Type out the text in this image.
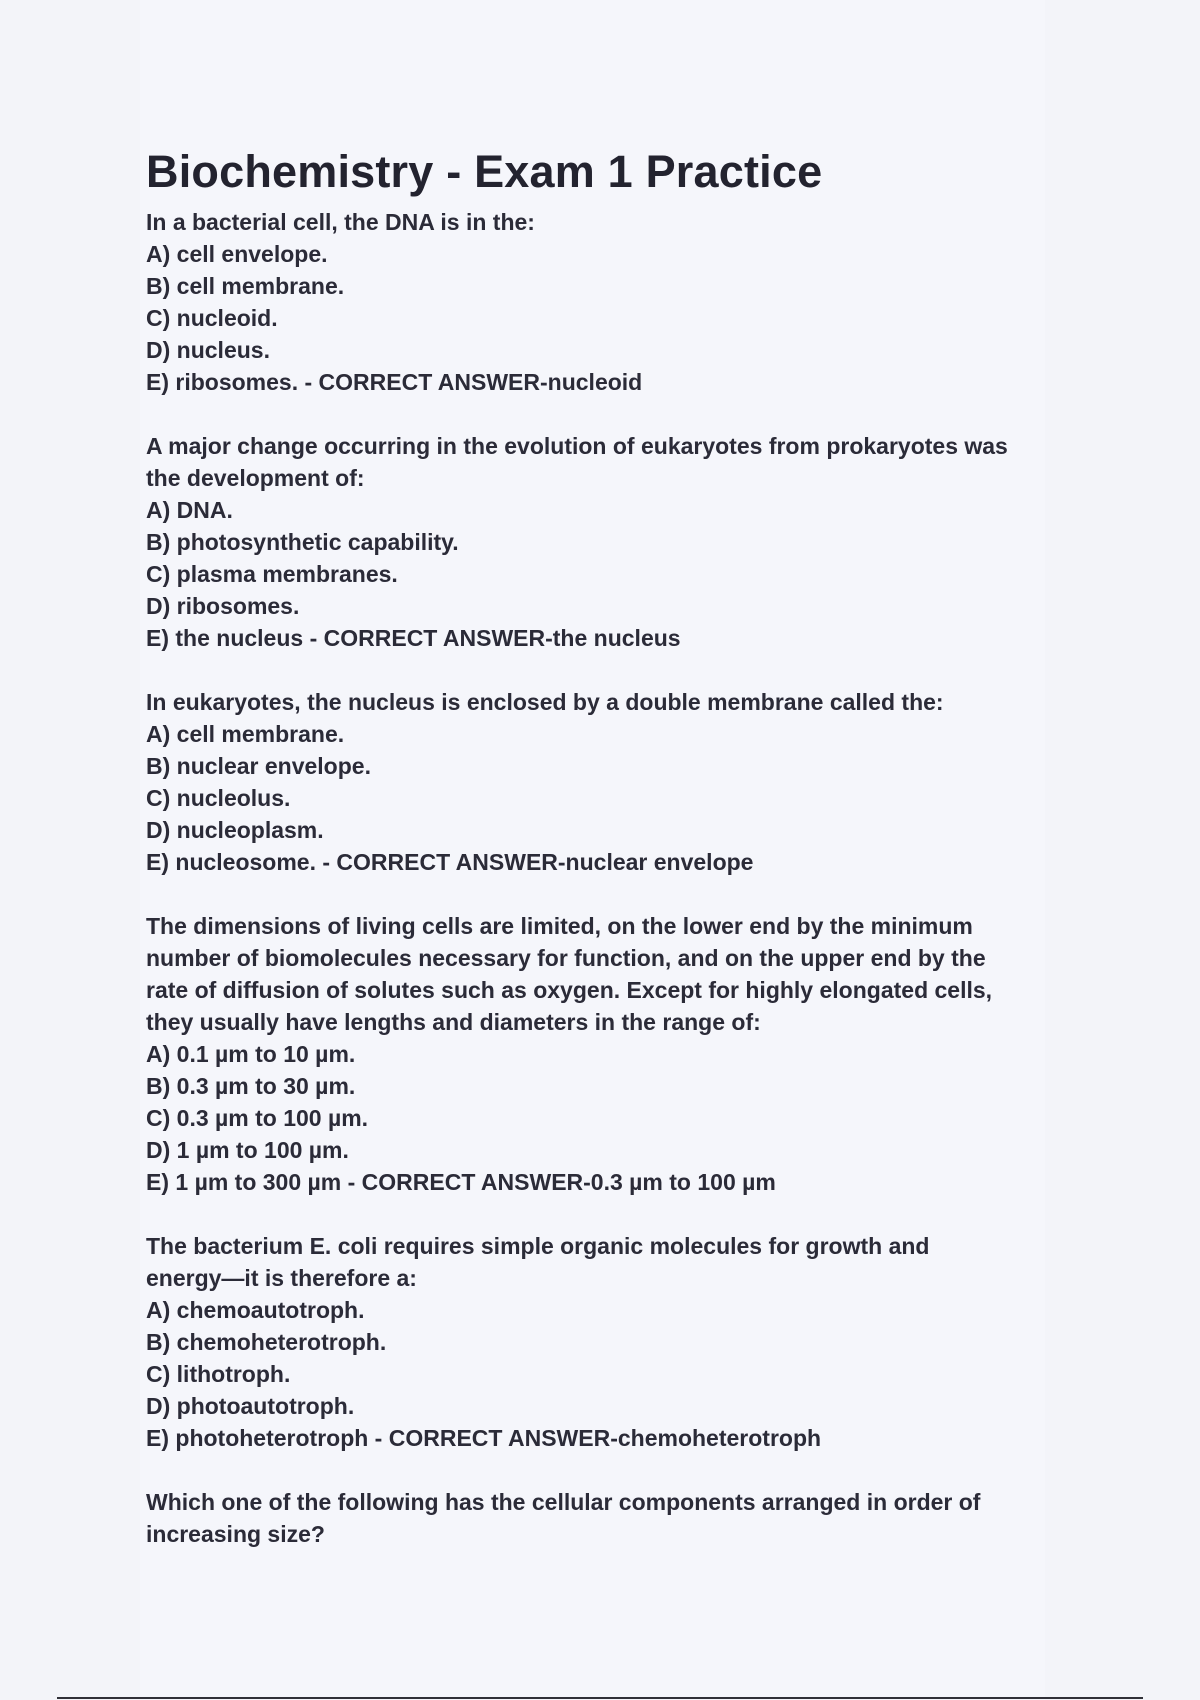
Biochemistry - Exam 1 Practice
In a bacterial cell, the DNA is in the:
A) cell envelope.
B) cell membrane.
C) nucleoid.
D) nucleus.
E) ribosomes. - CORRECT ANSWER-nucleoid
A major change occurring in the evolution of eukaryotes from prokaryotes was
the development of:
A) DNA.
B) photosynthetic capability.
C) plasma membranes.
D) ribosomes.
E) the nucleus - CORRECT ANSWER-the nucleus
In eukaryotes, the nucleus is enclosed by a double membrane called the:
A) cell membrane.
B) nuclear envelope.
C) nucleolus.
D) nucleoplasm.
E) nucleosome. - CORRECT ANSWER-nuclear envelope
The dimensions of living cells are limited, on the lower end by the minimum
number of biomolecules necessary for function, and on the upper end by the
rate of diffusion of solutes such as oxygen. Except for highly elongated cells,
they usually have lengths and diameters in the range of:
A) 0.1 µm to 10 µm.
B) 0.3 µm to 30 µm.
C) 0.3 µm to 100 µm.
D) 1 µm to 100 µm.
E) 1 µm to 300 µm - CORRECT ANSWER-0.3 µm to 100 µm
The bacterium E. coli requires simple organic molecules for growth and
energy—it is therefore a:
A) chemoautotroph.
B) chemoheterotroph.
C) lithotroph.
D) photoautotroph.
E) photoheterotroph - CORRECT ANSWER-chemoheterotroph
Which one of the following has the cellular components arranged in order of
increasing size?
